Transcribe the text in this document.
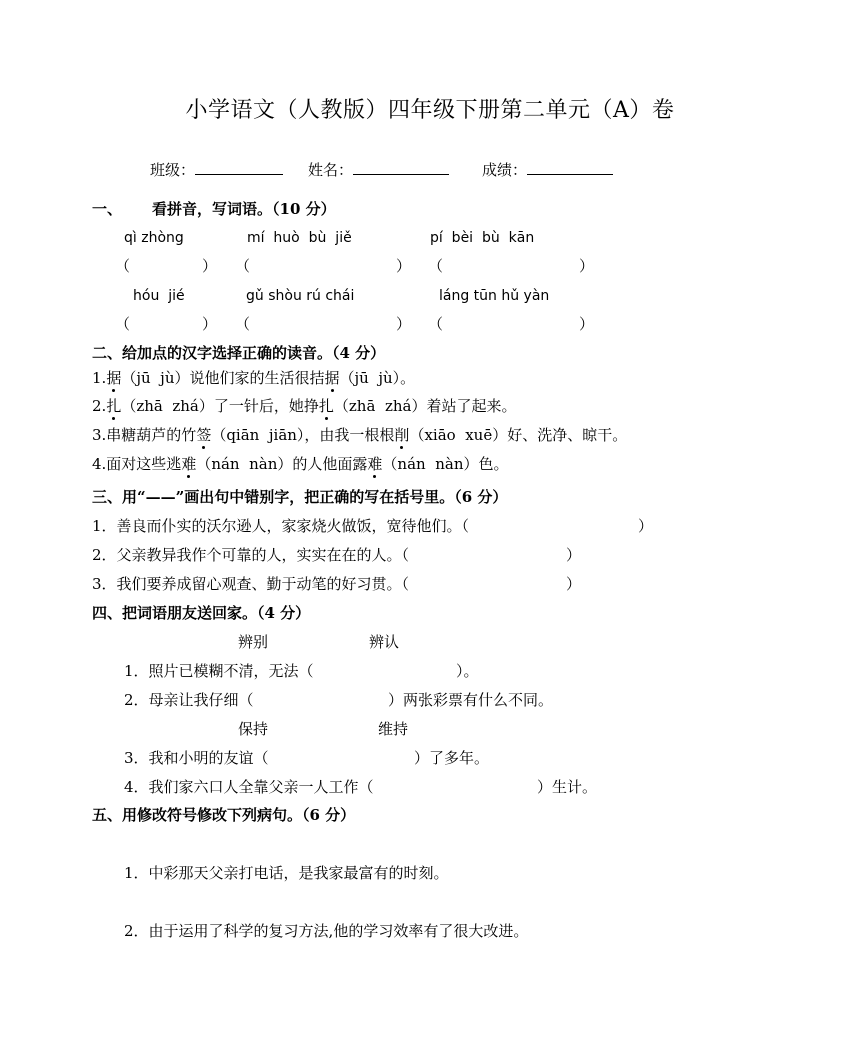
小学语文（人教版）四年级下册第二单元（A）卷
班级：	姓名：	成绩：
一、 看拼音，写词语。（10 分）
qì zhòng	mí  huò  bù  jiě	pí  bèi  bù  kān
（	） （	） （	）
hóu  jié	gǔ shòu rú chái	láng tūn hǔ yàn
（	） （	） （	）
二、给加点的汉字选择正确的读音。（4 分）
1.据（jū  jù）说他们家的生活很拮据（jū  jù）。
2.扎（zhā  zhá）了一针后，她挣扎（zhā  zhá）着站了起来。
3.串糖葫芦的竹签（qiān  jiān），由我一根根削（xiāo  xuē）好、洗净、晾干。
4.面对这些逃难（nán  nàn）的人他面露难（nán  nàn）色。
三、用“——”画出句中错别字，把正确的写在括号里。（6 分）
1．善良而仆实的沃尔逊人，家家烧火做饭，宽待他们。（	）
2．父亲教异我作个可靠的人，实实在在的人。（	）
3．我们要养成留心观查、勤于动笔的好习贯。（	）
四、把词语朋友送回家。（4 分）
辨别	辨认
1．照片已模糊不清，无法（	）。
2．母亲让我仔细（	）两张彩票有什么不同。
保持	维持
3．我和小明的友谊（	）了多年。
4．我们家六口人全靠父亲一人工作（	）生计。
五、用修改符号修改下列病句。（6 分）
1．中彩那天父亲打电话，是我家最富有的时刻。
2．由于运用了科学的复习方法,他的学习效率有了很大改进。
